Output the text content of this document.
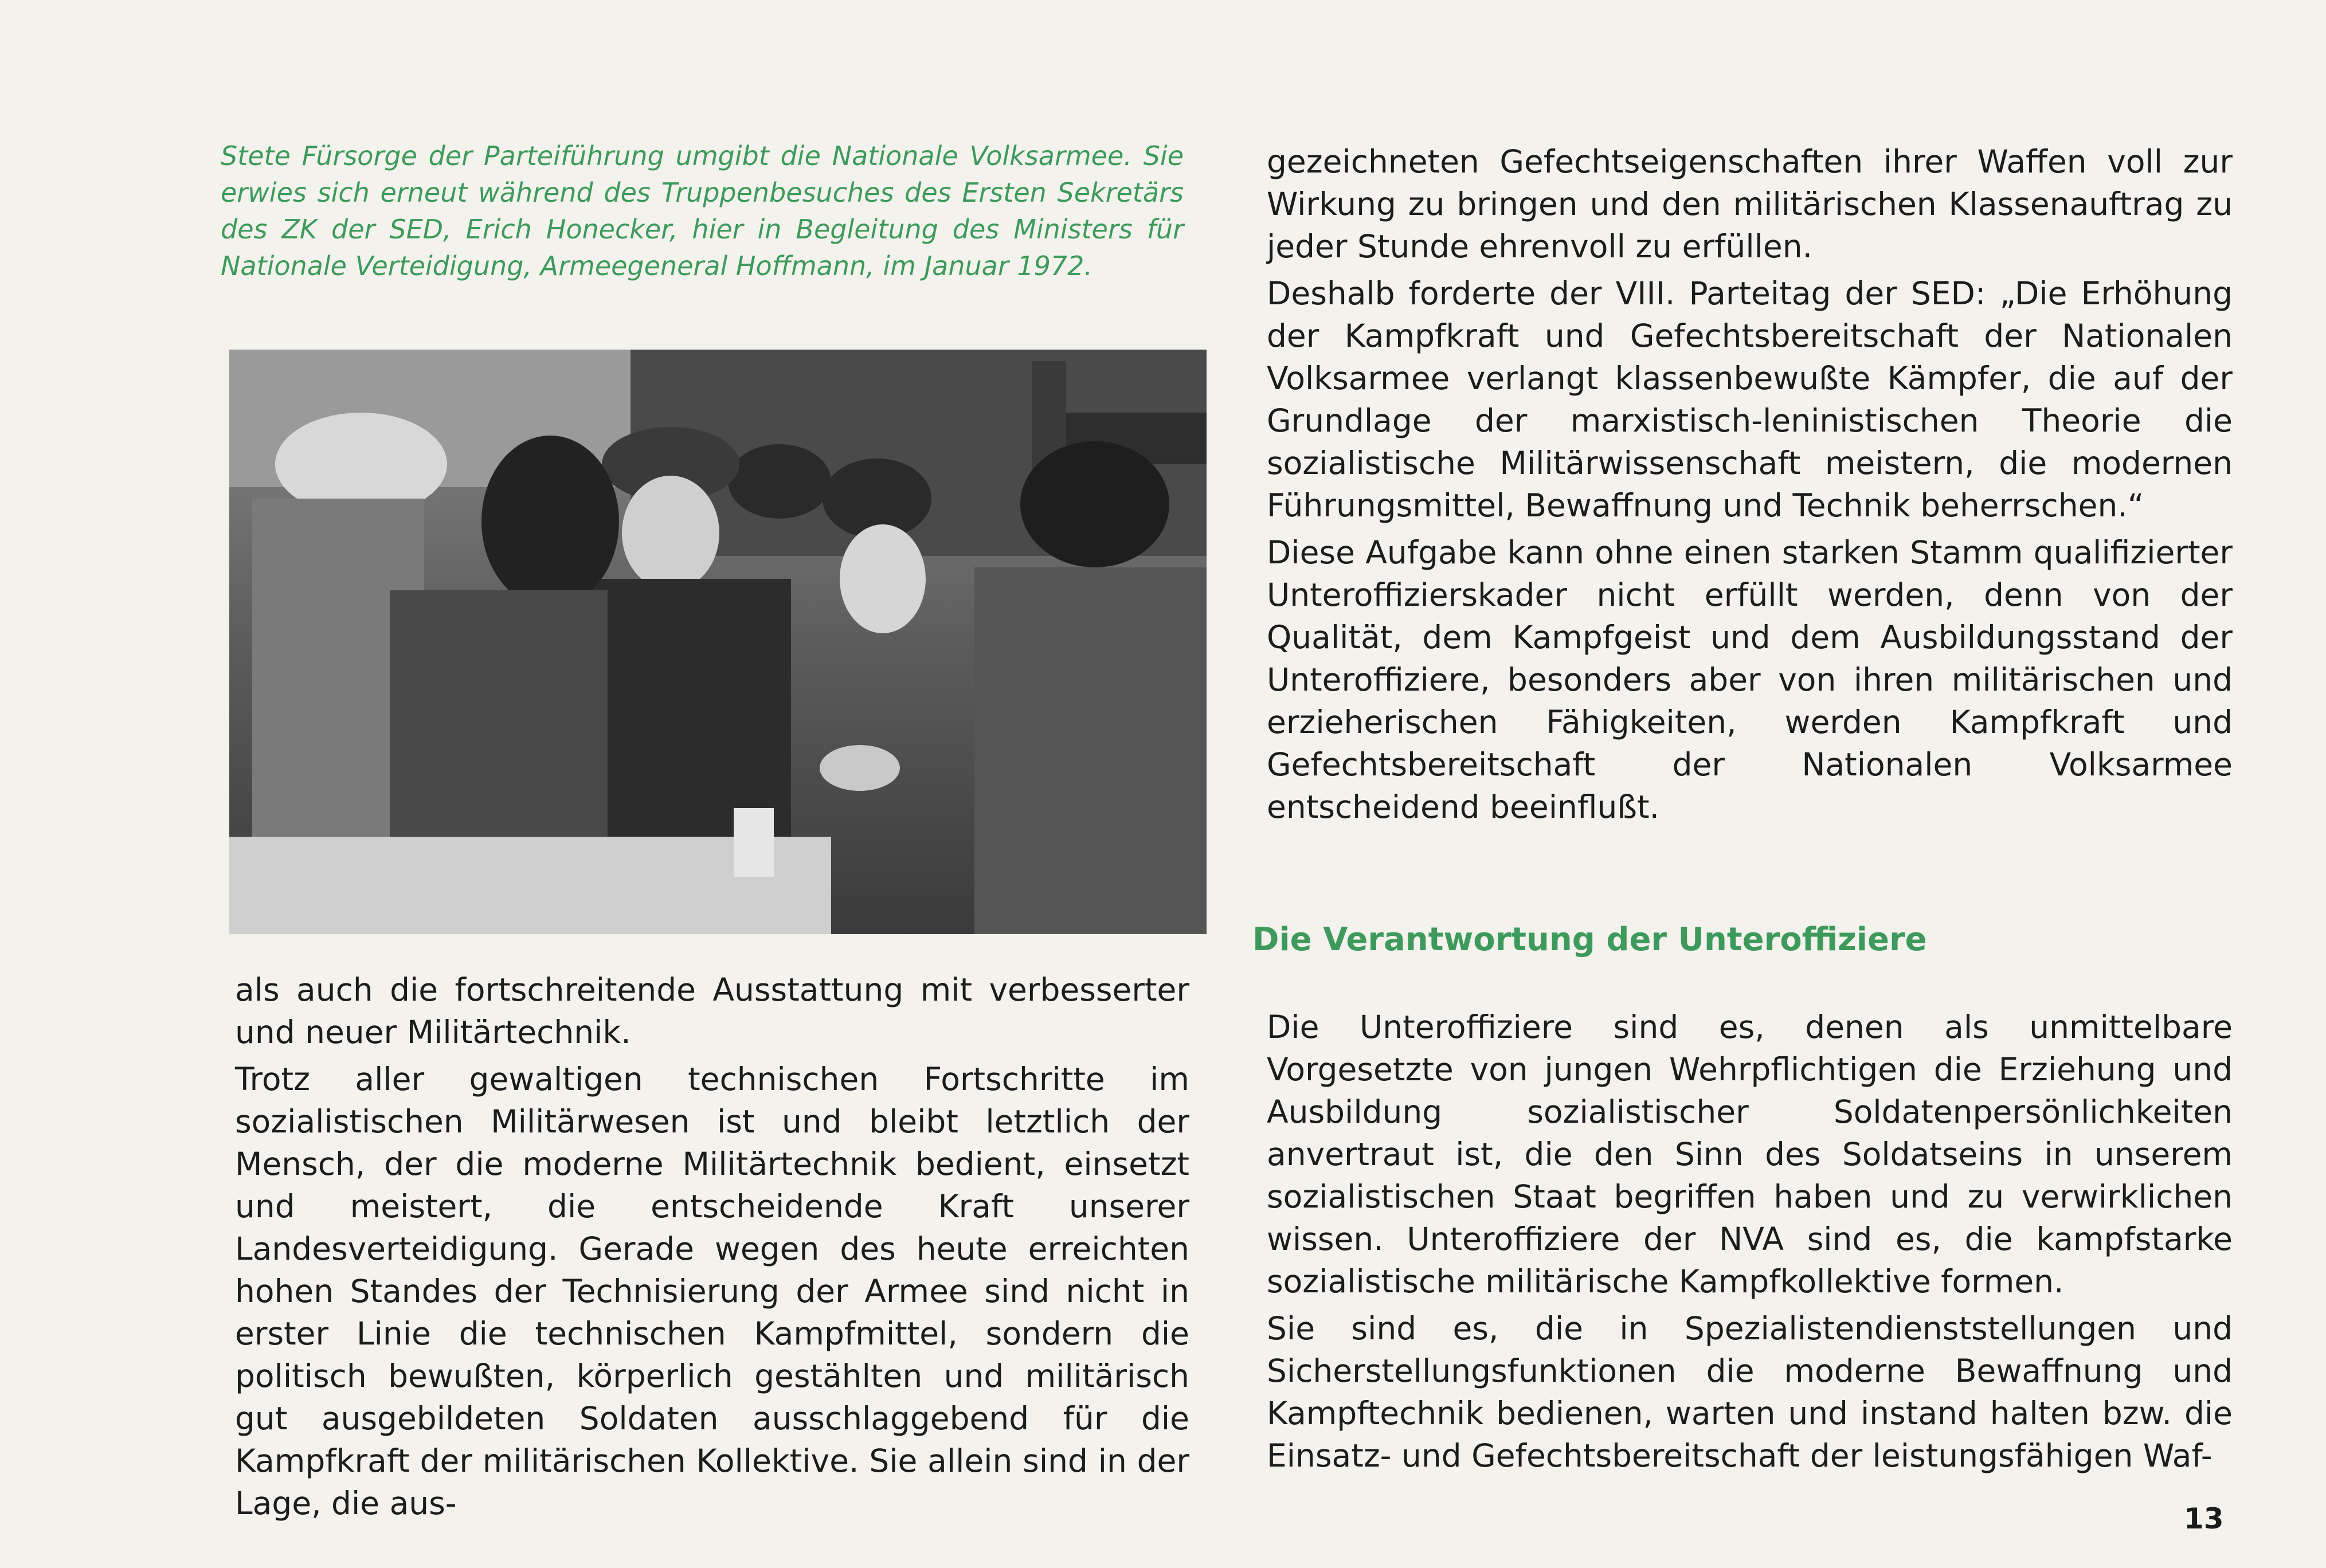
Stete Fürsorge der Parteiführung umgibt die Nationale Volksarmee. Sie erwies sich erneut während des Truppenbesuches des Ersten Sekretärs des ZK der SED, Erich Honecker, hier in Begleitung des Ministers für Nationale Verteidigung, Armeegeneral Hoffmann, im Januar 1972.

als auch die fortschreitende Ausstattung mit verbesserter und neuer Militärtechnik.

Trotz aller gewaltigen technischen Fortschritte im sozialistischen Militärwesen ist und bleibt letztlich der Mensch, der die moderne Militärtechnik bedient, einsetzt und meistert, die entscheidende Kraft unserer Landesverteidigung. Gerade wegen des heute erreichten hohen Standes der Technisierung der Armee sind nicht in erster Linie die technischen Kampfmittel, sondern die politisch bewußten, körperlich gestählten und militärisch gut ausgebildeten Soldaten ausschlaggebend für die Kampfkraft der militärischen Kollektive. Sie allein sind in der Lage, die aus-

gezeichneten Gefechtseigenschaften ihrer Waffen voll zur Wirkung zu bringen und den militärischen Klassenauftrag zu jeder Stunde ehrenvoll zu erfüllen.

Deshalb forderte der VIII. Parteitag der SED: „Die Erhöhung der Kampfkraft und Gefechtsbereitschaft der Nationalen Volksarmee verlangt klassenbewußte Kämpfer, die auf der Grundlage der marxistisch-leninistischen Theorie die sozialistische Militärwissenschaft meistern, die modernen Führungsmittel, Bewaffnung und Technik beherrschen.“

Diese Aufgabe kann ohne einen starken Stamm qualifizierter Unteroffizierskader nicht erfüllt werden, denn von der Qualität, dem Kampfgeist und dem Ausbildungsstand der Unteroffiziere, besonders aber von ihren militärischen und erzieherischen Fähigkeiten, werden Kampfkraft und Gefechtsbereitschaft der Nationalen Volksarmee entscheidend beeinflußt.

Die Verantwortung der Unteroffiziere

Die Unteroffiziere sind es, denen als unmittelbare Vorgesetzte von jungen Wehrpflichtigen die Erziehung und Ausbildung sozialistischer Soldatenpersönlichkeiten anvertraut ist, die den Sinn des Soldatseins in unserem sozialistischen Staat begriffen haben und zu verwirklichen wissen. Unteroffiziere der NVA sind es, die kampfstarke sozialistische militärische Kampfkollektive formen.

Sie sind es, die in Spezialistendienststellungen und Sicherstellungsfunktionen die moderne Bewaffnung und Kampftechnik bedienen, warten und instand halten bzw. die Einsatz- und Gefechtsbereitschaft der leistungsfähigen Waf-

13
